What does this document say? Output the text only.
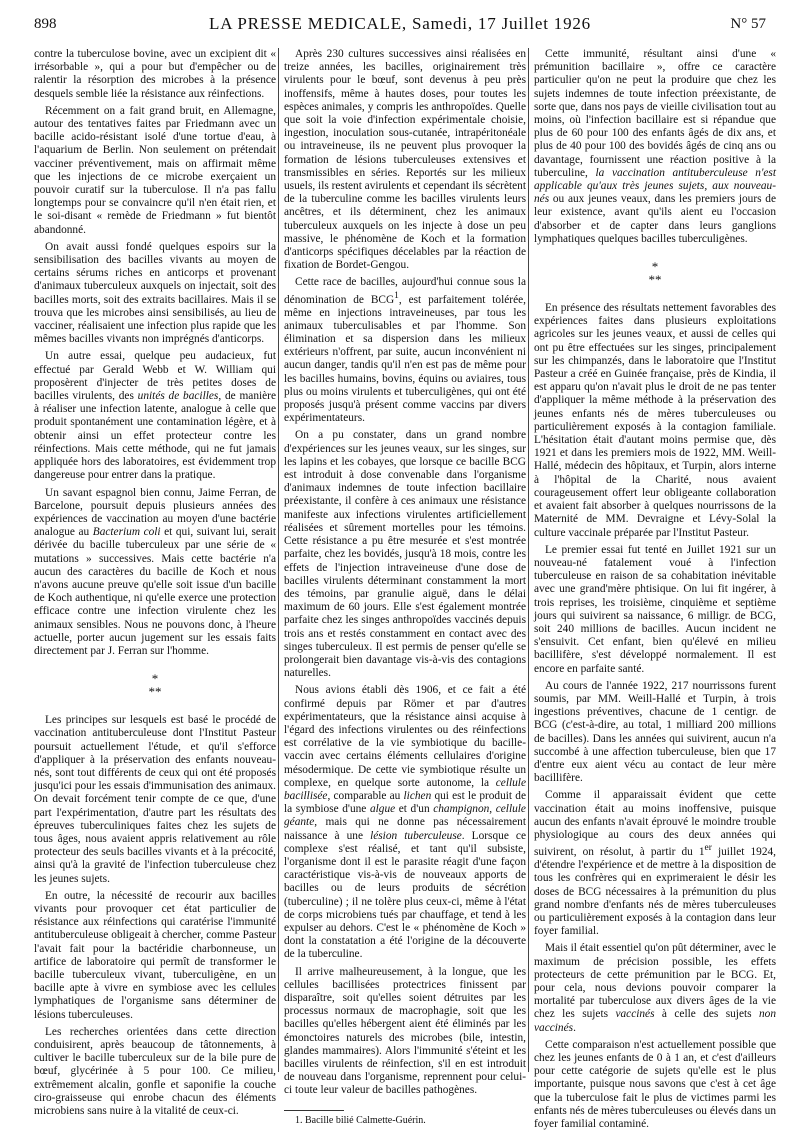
898	LA PRESSE MEDICALE, Samedi, 17 Juillet 1926	N° 57

contre la tuberculose bovine, avec un excipient dit « irrésorbable », qui a pour but d'empêcher ou de ralentir la résorption des microbes à la présence desquels semble liée la résistance aux réinfections.

Récemment on a fait grand bruit, en Allemagne, autour des tentatives faites par Friedmann avec un bacille acido-résistant isolé d'une tortue d'eau, à l'aquarium de Berlin. Non seulement on prétendait vacciner préventivement, mais on affirmait même que les injections de ce microbe exerçaient un pouvoir curatif sur la tuberculose. Il n'a pas fallu longtemps pour se convaincre qu'il n'en était rien, et le soi-disant « remède de Friedmann » fut bientôt abandonné.

On avait aussi fondé quelques espoirs sur la sensibilisation des bacilles vivants au moyen de certains sérums riches en anticorps et provenant d'animaux tuberculeux auxquels on injectait, soit des bacilles morts, soit des extraits bacillaires. Mais il se trouva que les microbes ainsi sensibilisés, au lieu de vacciner, réalisaient une infection plus rapide que les mêmes bacilles vivants non imprégnés d'anticorps.

Un autre essai, quelque peu audacieux, fut effectué par Gerald Webb et W. William qui proposèrent d'injecter de très petites doses de bacilles virulents, des unités de bacilles, de manière à réaliser une infection latente, analogue à celle que produit spontanément une contamination légère, et à obtenir ainsi un effet protecteur contre les réinfections. Mais cette méthode, qui ne fut jamais appliquée hors des laboratoires, est évidemment trop dangereuse pour entrer dans la pratique.

Un savant espagnol bien connu, Jaime Ferran, de Barcelone, poursuit depuis plusieurs années des expériences de vaccination au moyen d'une bactérie analogue au Bacterium coli et qui, suivant lui, serait dérivée du bacille tuberculeux par une série de « mutations » successives. Mais cette bactérie n'a aucun des caractères du bacille de Koch et nous n'avons aucune preuve qu'elle soit issue d'un bacille de Koch authentique, ni qu'elle exerce une protection efficace contre une infection virulente chez les animaux sensibles. Nous ne pouvons donc, à l'heure actuelle, porter aucun jugement sur les essais faits directement par J. Ferran sur l'homme.

*
**

Les principes sur lesquels est basé le procédé de vaccination antituberculeuse dont l'Institut Pasteur poursuit actuellement l'étude, et qu'il s'efforce d'appliquer à la préservation des enfants nouveau-nés, sont tout différents de ceux qui ont été proposés jusqu'ici pour les essais d'immunisation des animaux. On devait forcément tenir compte de ce que, d'une part l'expérimentation, d'autre part les résultats des épreuves tuberculiniques faites chez les sujets de tous âges, nous avaient appris relativement au rôle protecteur des seuls bacilles vivants et à la précocité, ainsi qu'à la gravité de l'infection tuberculeuse chez les jeunes sujets.

En outre, la nécessité de recourir aux bacilles vivants pour provoquer cet état particulier de résistance aux réinfections qui caratérise l'immunité antituberculeuse obligeait à chercher, comme Pasteur l'avait fait pour la bactéridie charbonneuse, un artifice de laboratoire qui permît de transformer le bacille tuberculeux vivant, tuberculigène, en un bacille apte à vivre en symbiose avec les cellules lymphatiques de l'organisme sans déterminer de lésions tuberculeuses.

Les recherches orientées dans cette direction conduisirent, après beaucoup de tâtonnements, à cultiver le bacille tuberculeux sur de la bile pure de bœuf, glycérinée à 5 pour 100. Ce milieu, extrêmement alcalin, gonfle et saponifie la couche ciro-graisseuse qui enrobe chacun des éléments microbiens sans nuire à la vitalité de ceux-ci.

Après 230 cultures successives ainsi réalisées en treize années, les bacilles, originairement très virulents pour le bœuf, sont devenus à peu près inoffensifs, même à hautes doses, pour toutes les espèces animales, y compris les anthropoïdes. Quelle que soit la voie d'infection expérimentale choisie, ingestion, inoculation sous-cutanée, intrapéritonéale ou intraveineuse, ils ne peuvent plus provoquer la formation de lésions tuberculeuses extensives et transmissibles en séries. Reportés sur les milieux usuels, ils restent avirulents et cependant ils sécrètent de la tuberculine comme les bacilles virulents leurs ancêtres, et ils déterminent, chez les animaux tuberculeux auxquels on les injecte à dose un peu massive, le phénomène de Koch et la formation d'anticorps spécifiques décelables par la réaction de fixation de Bordet-Gengou.

Cette race de bacilles, aujourd'hui connue sous la dénomination de BCG$^1$, est parfaitement tolérée, même en injections intraveineuses, par tous les animaux tuberculisables et par l'homme. Son élimination et sa dispersion dans les milieux extérieurs n'offrent, par suite, aucun inconvénient ni aucun danger, tandis qu'il n'en est pas de même pour les bacilles humains, bovins, équins ou aviaires, tous plus ou moins virulents et tuberculigènes, qui ont été proposés jusqu'à présent comme vaccins par divers expérimentateurs.

On a pu constater, dans un grand nombre d'expériences sur les jeunes veaux, sur les singes, sur les lapins et les cobayes, que lorsque ce bacille BCG est introduit à dose convenable dans l'organisme d'animaux indemnes de toute infection bacillaire préexistante, il confère à ces animaux une résistance manifeste aux infections virulentes artificiellement réalisées et sûrement mortelles pour les témoins. Cette résistance a pu être mesurée et s'est montrée parfaite, chez les bovidés, jusqu'à 18 mois, contre les effets de l'injection intraveineuse d'une dose de bacilles virulents déterminant constamment la mort des témoins, par granulie aiguë, dans le délai maximum de 60 jours. Elle s'est également montrée parfaite chez les singes anthropoïdes vaccinés depuis trois ans et restés constamment en contact avec des singes tuberculeux. Il est permis de penser qu'elle se prolongerait bien davantage vis-à-vis des contagions naturelles.

Nous avions établi dès 1906, et ce fait a été confirmé depuis par Römer et par d'autres expérimentateurs, que la résistance ainsi acquise à l'égard des infections virulentes ou des réinfections est corrélative de la vie symbiotique du bacille-vaccin avec certains éléments cellulaires d'origine mésodermique. De cette vie symbiotique résulte un complexe, en quelque sorte autonome, la cellule bacillisée, comparable au lichen qui est le produit de la symbiose d'une algue et d'un champignon, cellule géante, mais qui ne donne pas nécessairement naissance à une lésion tuberculeuse. Lorsque ce complexe s'est réalisé, et tant qu'il subsiste, l'organisme dont il est le parasite réagit d'une façon caractéristique vis-à-vis de nouveaux apports de bacilles ou de leurs produits de sécrétion (tuberculine) ; il ne tolère plus ceux-ci, même à l'état de corps microbiens tués par chauffage, et tend à les expulser au dehors. C'est le « phénomène de Koch » dont la constatation a été l'origine de la découverte de la tuberculine.

Il arrive malheureusement, à la longue, que les cellules bacillisées protectrices finissent par disparaître, soit qu'elles soient détruites par les processus normaux de macrophagie, soit que les bacilles qu'elles hébergent aient été éliminés par les émonctoires naturels des microbes (bile, intestin, glandes mammaires). Alors l'immunité s'éteint et les bacilles virulents de réinfection, s'il en est introduit de nouveau dans l'organisme, reprennent pour celui-ci toute leur valeur de bacilles pathogènes.

1. Bacille bilié Calmette-Guérin.

Cette immunité, résultant ainsi d'une « prémunition bacillaire », offre ce caractère particulier qu'on ne peut la produire que chez les sujets indemnes de toute infection préexistante, de sorte que, dans nos pays de vieille civilisation tout au moins, où l'infection bacillaire est si répandue que plus de 60 pour 100 des enfants âgés de dix ans, et plus de 40 pour 100 des bovidés âgés de cinq ans ou davantage, fournissent une réaction positive à la tuberculine, la vaccination antituberculeuse n'est applicable qu'aux très jeunes sujets, aux nouveau-nés ou aux jeunes veaux, dans les premiers jours de leur existence, avant qu'ils aient eu l'occasion d'absorber et de capter dans leurs ganglions lymphatiques quelques bacilles tuberculigènes.

*
**

En présence des résultats nettement favorables des expériences faites dans plusieurs exploitations agricoles sur les jeunes veaux, et aussi de celles qui ont pu être effectuées sur les singes, principalement sur les chimpanzés, dans le laboratoire que l'Institut Pasteur a créé en Guinée française, près de Kindia, il est apparu qu'on n'avait plus le droit de ne pas tenter d'appliquer la même méthode à la préservation des jeunes enfants nés de mères tuberculeuses ou particulièrement exposés à la contagion familiale. L'hésitation était d'autant moins permise que, dès 1921 et dans les premiers mois de 1922, MM. Weill-Hallé, médecin des hôpitaux, et Turpin, alors interne à l'hôpital de la Charité, nous avaient courageusement offert leur obligeante collaboration et avaient fait absorber à quelques nourrissons de la Maternité de MM. Devraigne et Lévy-Solal la culture vaccinale préparée par l'Institut Pasteur.

Le premier essai fut tenté en Juillet 1921 sur un nouveau-né fatalement voué à l'infection tuberculeuse en raison de sa cohabitation inévitable avec une grand'mère phtisique. On lui fit ingérer, à trois reprises, les troisième, cinquième et septième jours qui suivirent sa naissance, 6 milligr. de BCG, soit 240 millions de bacilles. Aucun incident ne s'ensuivit. Cet enfant, bien qu'élevé en milieu bacillifère, s'est développé normalement. Il est encore en parfaite santé.

Au cours de l'année 1922, 217 nourrissons furent soumis, par MM. Weill-Hallé et Turpin, à trois ingestions préventives, chacune de 1 centigr. de BCG (c'est-à-dire, au total, 1 milliard 200 millions de bacilles). Dans les années qui suivirent, aucun n'a succombé à une affection tuberculeuse, bien que 17 d'entre eux aient vécu au contact de leur mère bacillifère.

Comme il apparaissait évident que cette vaccination était au moins inoffensive, puisque aucun des enfants n'avait éprouvé le moindre trouble physiologique au cours des deux années qui suivirent, on résolut, à partir du 1er juillet 1924, d'étendre l'expérience et de mettre à la disposition de tous les confrères qui en exprimeraient le désir les doses de BCG nécessaires à la prémunition du plus grand nombre d'enfants nés de mères tuberculeuses ou particulièrement exposés à la contagion dans leur foyer familial.

Mais il était essentiel qu'on pût déterminer, avec le maximum de précision possible, les effets protecteurs de cette prémunition par le BCG. Et, pour cela, nous devions pouvoir comparer la mortalité par tuberculose aux divers âges de la vie chez les sujets vaccinés à celle des sujets non vaccinés.

Cette comparaison n'est actuellement possible que chez les jeunes enfants de 0 à 1 an, et c'est d'ailleurs pour cette catégorie de sujets qu'elle est le plus importante, puisque nous savons que c'est à cet âge que la tuberculose fait le plus de victimes parmi les enfants nés de mères tuberculeuses ou élevés dans un foyer familial contaminé.
